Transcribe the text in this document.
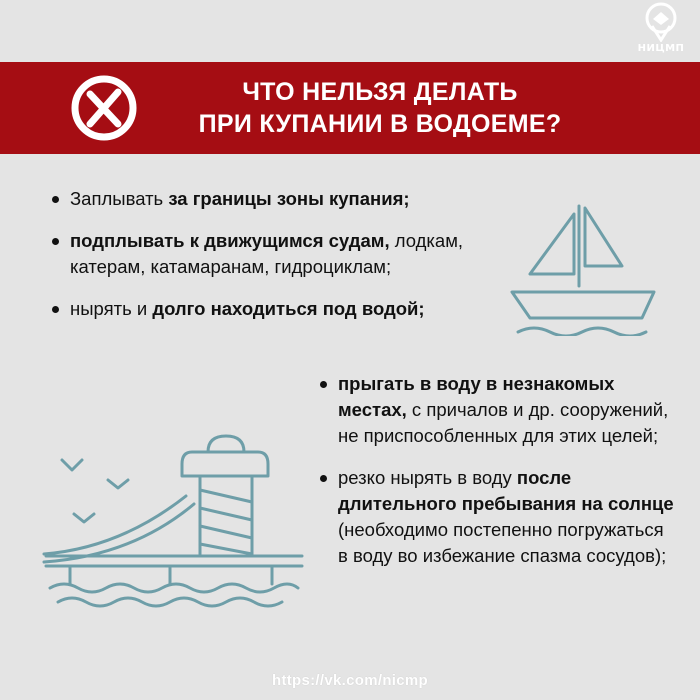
НИЦМП
ЧТО НЕЛЬЗЯ ДЕЛАТЬ
ПРИ КУПАНИИ В ВОДОЕМЕ?
Заплывать за границы зоны купания;
подплывать к движущимся судам, лодкам, катерам, катамаранам, гидроциклам;
нырять и долго находиться под водой;
прыгать в воду в незнакомых местах, с причалов и др. сооружений, не приспособленных для этих целей;
резко нырять в воду после длительного пребывания на солнце (необходимо постепенно погружаться в воду во избежание спазма сосудов);
https://vk.com/nicmp
